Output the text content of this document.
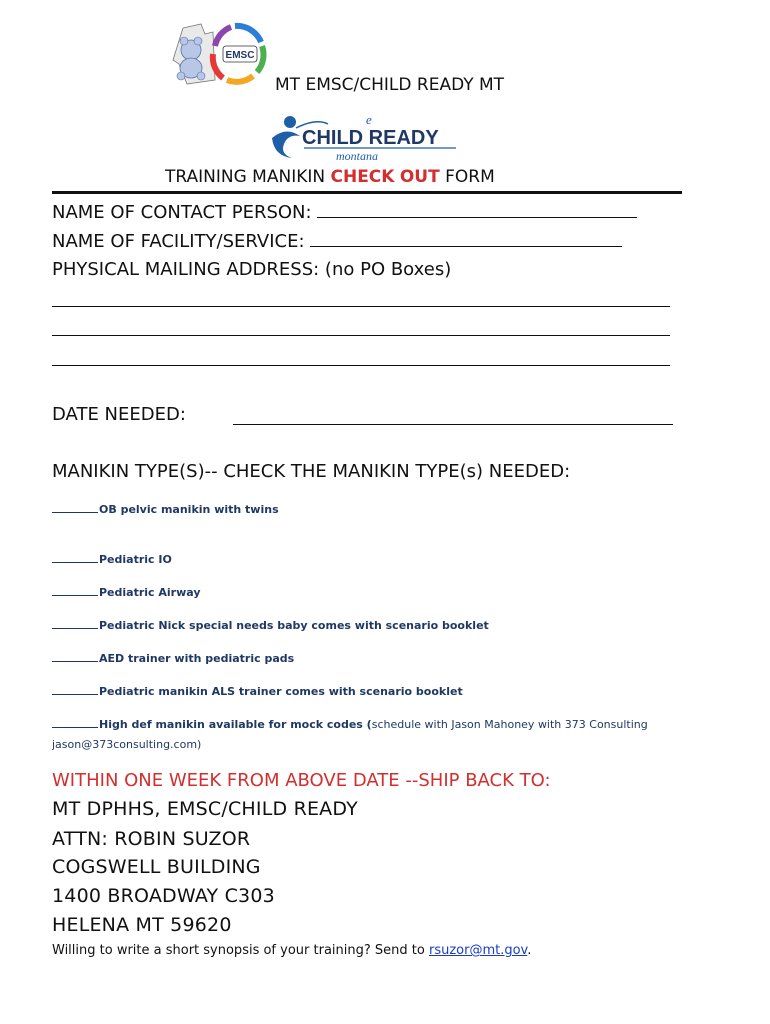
EMSC
MT EMSC/CHILD READY MT
e
CHILD READY
montana
TRAINING MANIKIN CHECK OUT FORM
NAME OF CONTACT PERSON:
NAME OF FACILITY/SERVICE:
PHYSICAL MAILING ADDRESS: (no PO Boxes)
DATE NEEDED:
MANIKIN TYPE(S)-- CHECK THE MANIKIN TYPE(s) NEEDED:
OB pelvic manikin with twins
Pediatric IO
Pediatric Airway
Pediatric Nick special needs baby comes with scenario booklet
AED trainer with pediatric pads
Pediatric manikin ALS trainer comes with scenario booklet
High def manikin available for mock codes (schedule with Jason Mahoney with 373 Consulting
jason@373consulting.com)
WITHIN ONE WEEK FROM ABOVE DATE --SHIP BACK TO:
MT DPHHS, EMSC/CHILD READY
ATTN: ROBIN SUZOR
COGSWELL BUILDING
1400 BROADWAY C303
HELENA MT 59620
Willing to write a short synopsis of your training? Send to rsuzor@mt.gov.
